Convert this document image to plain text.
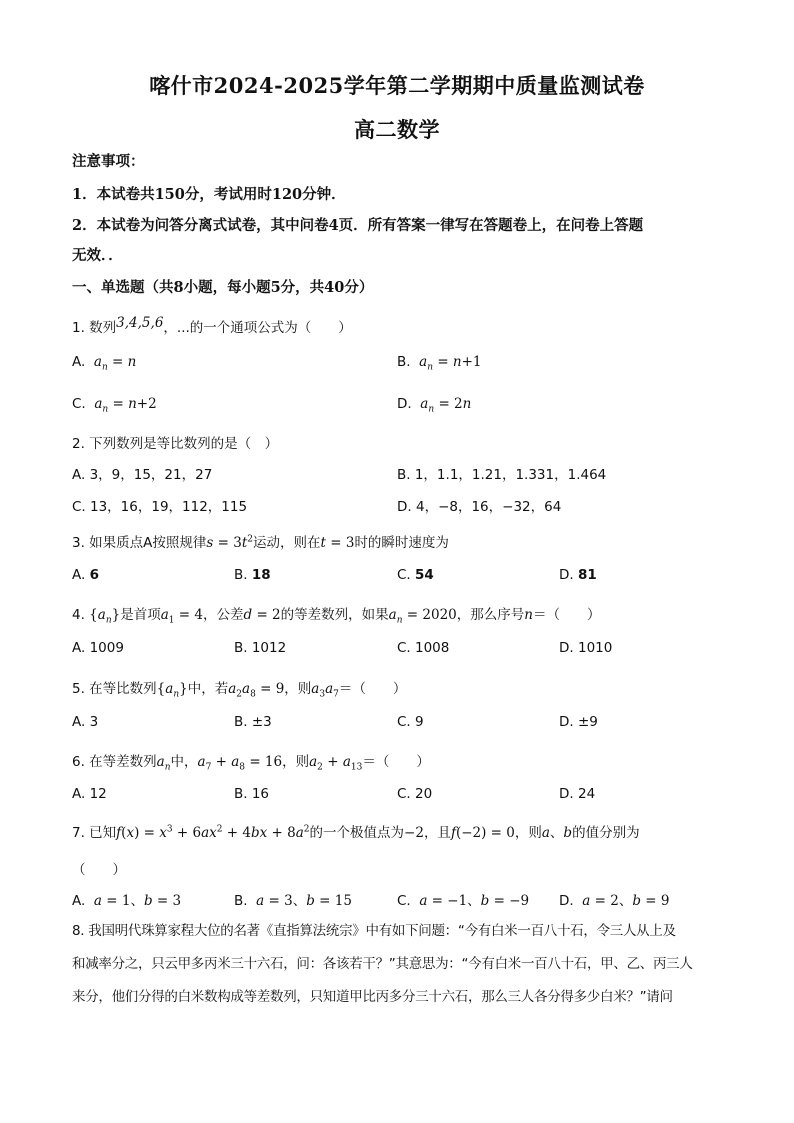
喀什市2024-2025学年第二学期期中质量监测试卷
高二数学
注意事项：
1．本试卷共150分，考试用时120分钟．
2．本试卷为问答分离式试卷，其中问卷4页．所有答案一律写在答题卷上，在问卷上答题
无效．．
一、单选题（共8小题，每小题5分，共40分）
1. 数列3,4,5,6，...的一个通项公式为（　　）
A. $a_n = n$	B. $a_n = n+1$
C. $a_n = n+2$	D. $a_n = 2n$
2. 下列数列是等比数列的是（　）
A. 3，9，15，21，27	B. 1，1.1，1.21，1.331，1.464
C. 13，16，19，112，115	D. 4，−8，16，−32，64
3. 如果质点A按照规律$s = 3t^2$运动，则在t = 3时的瞬时速度为
A. 6	B. 18	C. 54	D. 81
4. $\{a_n\}$是首项$a_1 = 4$，公差d = 2的等差数列，如果$a_n = 2020$，那么序号n＝（　　）
A. 1009	B. 1012	C. 1008	D. 1010
5. 在等比数列$\{a_n\}$中，若$a_2a_8 = 9$，则$a_3a_7=$（　　）
A. 3	B. ±3	C. 9	D. ±9
6. 在等差数列$a_n$中，$a_7 + a_8 = 16$，则$a_2 + a_{13}=$（　　）
A. 12	B. 16	C. 20	D. 24
7. 已知$f(x) = x^3 + 6ax^2 + 4bx + 8a^2$的一个极值点为−2，且f(−2) = 0，则a、b的值分别为
（　　）
A. a = 1、b = 3	B. a = 3、b = 15	C. a = −1、b = −9 D. a = 2、b = 9
8. 我国明代珠算家程大位的名著《直指算法统宗》中有如下问题：“今有白米一百八十石，令三人从上及
和减率分之，只云甲多丙米三十六石，问：各该若干？”其意思为：“今有白米一百八十石，甲、乙、丙三人
来分，他们分得的白米数构成等差数列，只知道甲比丙多分三十六石，那么三人各分得多少白米？”请问
